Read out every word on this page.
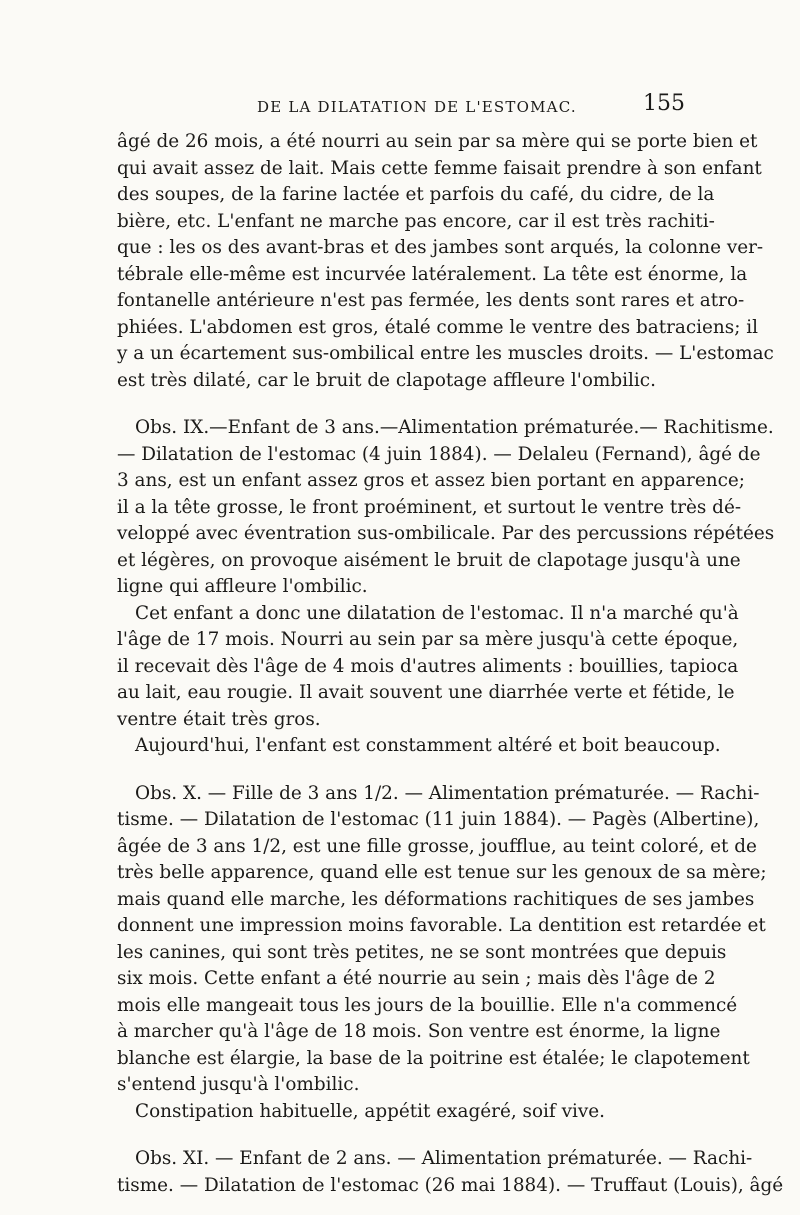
DE LA DILATATION DE L'ESTOMAC.	155
âgé de 26 mois, a été nourri au sein par sa mère qui se porte bien et
qui avait assez de lait. Mais cette femme faisait prendre à son enfant
des soupes, de la farine lactée et parfois du café, du cidre, de la
bière, etc. L'enfant ne marche pas encore, car il est très rachiti-
que : les os des avant-bras et des jambes sont arqués, la colonne ver-
tébrale elle-même est incurvée latéralement. La tête est énorme, la
fontanelle antérieure n'est pas fermée, les dents sont rares et atro-
phiées. L'abdomen est gros, étalé comme le ventre des batraciens; il
y a un écartement sus-ombilical entre les muscles droits. — L'estomac
est très dilaté, car le bruit de clapotage affleure l'ombilic.
Obs. IX.—Enfant de 3 ans.—Alimentation prématurée.— Rachitisme.
— Dilatation de l'estomac (4 juin 1884). — Delaleu (Fernand), âgé de
3 ans, est un enfant assez gros et assez bien portant en apparence;
il a la tête grosse, le front proéminent, et surtout le ventre très dé-
veloppé avec éventration sus-ombilicale. Par des percussions répétées
et légères, on provoque aisément le bruit de clapotage jusqu'à une
ligne qui affleure l'ombilic.
Cet enfant a donc une dilatation de l'estomac. Il n'a marché qu'à
l'âge de 17 mois. Nourri au sein par sa mère jusqu'à cette époque,
il recevait dès l'âge de 4 mois d'autres aliments : bouillies, tapioca
au lait, eau rougie. Il avait souvent une diarrhée verte et fétide, le
ventre était très gros.
Aujourd'hui, l'enfant est constamment altéré et boit beaucoup.
Obs. X. — Fille de 3 ans 1/2. — Alimentation prématurée. — Rachi-
tisme. — Dilatation de l'estomac (11 juin 1884). — Pagès (Albertine),
âgée de 3 ans 1/2, est une fille grosse, joufflue, au teint coloré, et de
très belle apparence, quand elle est tenue sur les genoux de sa mère;
mais quand elle marche, les déformations rachitiques de ses jambes
donnent une impression moins favorable. La dentition est retardée et
les canines, qui sont très petites, ne se sont montrées que depuis
six mois. Cette enfant a été nourrie au sein ; mais dès l'âge de 2
mois elle mangeait tous les jours de la bouillie. Elle n'a commencé
à marcher qu'à l'âge de 18 mois. Son ventre est énorme, la ligne
blanche est élargie, la base de la poitrine est étalée; le clapotement
s'entend jusqu'à l'ombilic.
Constipation habituelle, appétit exagéré, soif vive.
Obs. XI. — Enfant de 2 ans. — Alimentation prématurée. — Rachi-
tisme. — Dilatation de l'estomac (26 mai 1884). — Truffaut (Louis), âgé
